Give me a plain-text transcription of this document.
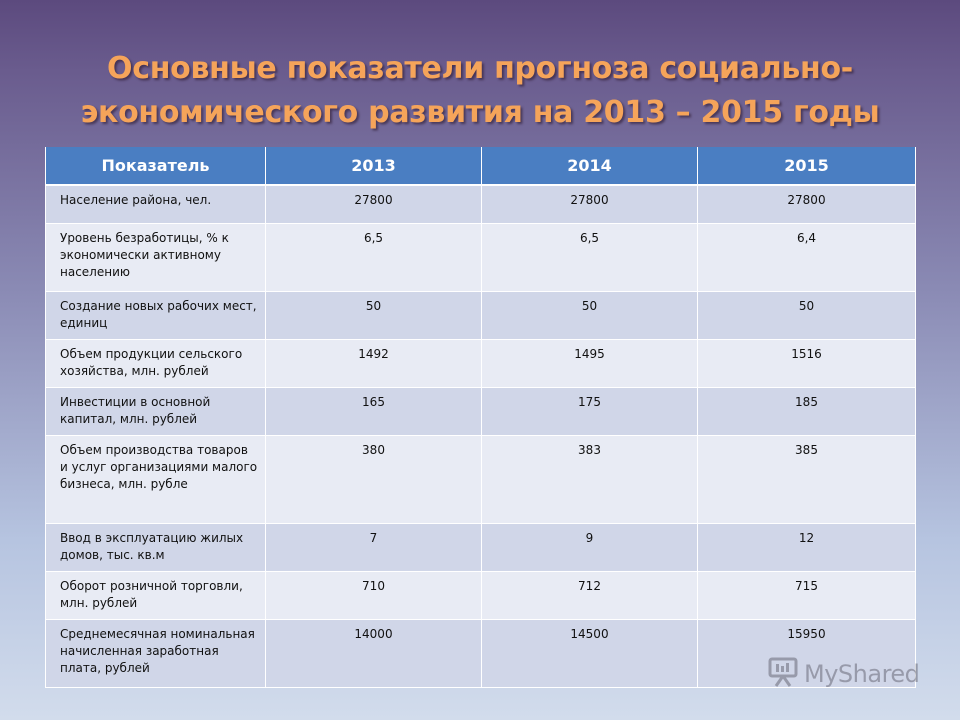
Основные показатели прогноза социально-
экономического развития на 2013 – 2015 годы
Показатель	2013	2014	2015
Население района, чел.	27800	27800	27800
Уровень безработицы, % к экономически активному населению	6,5	6,5	6,4
Создание новых рабочих мест, единиц	50	50	50
Объем продукции сельского хозяйства, млн. рублей	1492	1495	1516
Инвестиции в основной капитал, млн. рублей	165	175	185
Объем производства товаров и услуг организациями малого бизнеса, млн. рубле	380	383	385
Ввод в эксплуатацию жилых домов, тыс. кв.м	7	9	12
Оборот розничной торговли, млн. рублей	710	712	715
Среднемесячная номинальная начисленная заработная плата, рублей	14000	14500	15950
MyShared
